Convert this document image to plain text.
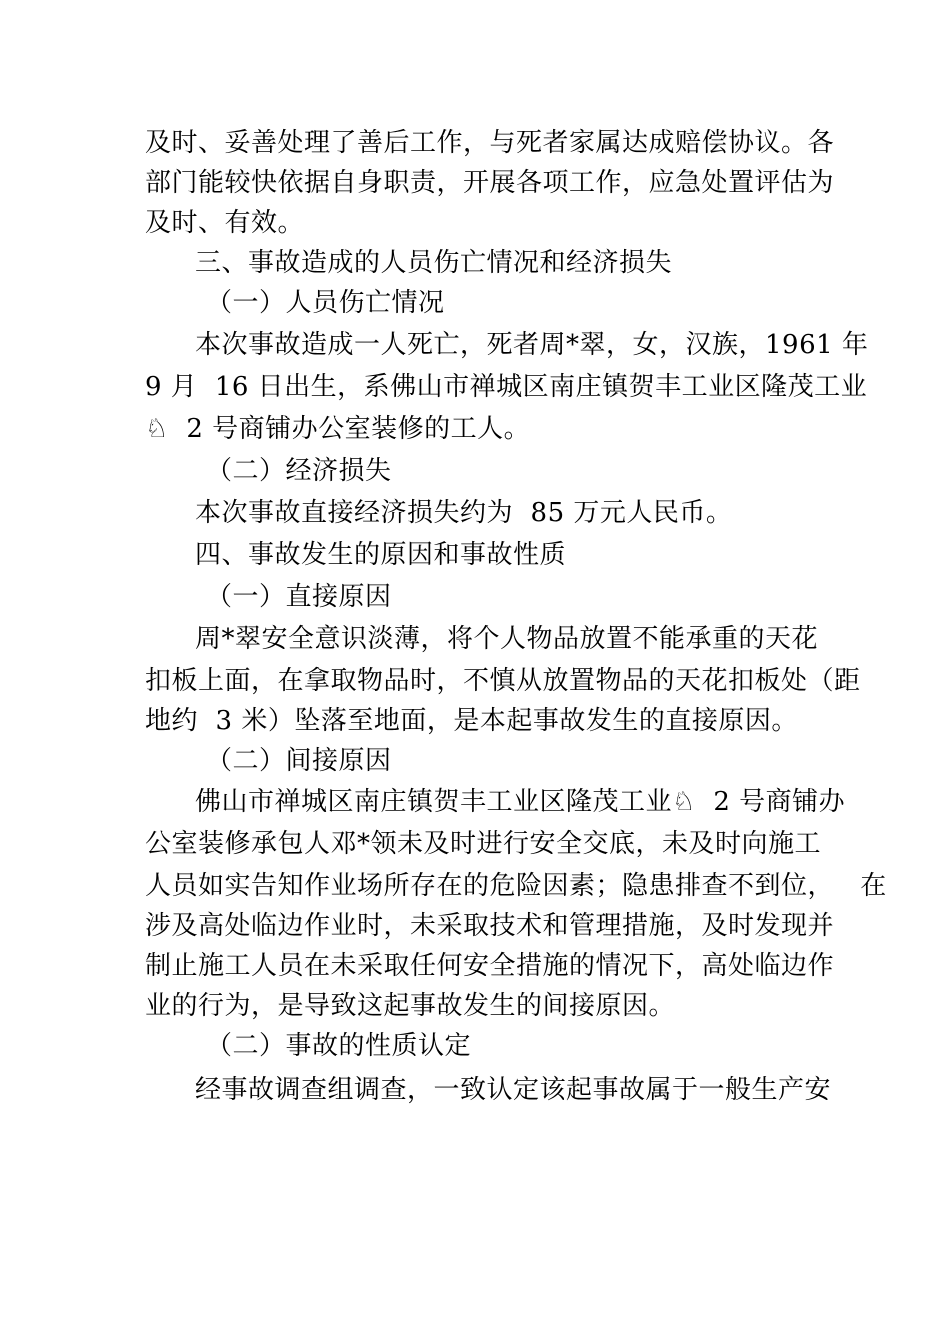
及时、妥善处理了善后工作，与死者家属达成赔偿协议。各
部门能较快依据自身职责，开展各项工作，应急处置评估为
及时、有效。
三、事故造成的人员伤亡情况和经济损失
（一）人员伤亡情况
本次事故造成一人死亡，死者周*翠，女，汉族，1961 年
9 月  16 日出生，系佛山市禅城区南庄镇贺丰工业区隆茂工业
♘  2 号商铺办公室装修的工人。
（二）经济损失
本次事故直接经济损失约为  85 万元人民币。
四、事故发生的原因和事故性质
（一）直接原因
周*翠安全意识淡薄，将个人物品放置不能承重的天花
扣板上面，在拿取物品时，不慎从放置物品的天花扣板处（距
地约  3 米）坠落至地面，是本起事故发生的直接原因。
（二）间接原因
佛山市禅城区南庄镇贺丰工业区隆茂工业♘  2 号商铺办
公室装修承包人邓*领未及时进行安全交底，未及时向施工
人员如实告知作业场所存在的危险因素；隐患排查不到位，   在
涉及高处临边作业时，未采取技术和管理措施，及时发现并
制止施工人员在未采取任何安全措施的情况下，高处临边作
业的行为，是导致这起事故发生的间接原因。
（二）事故的性质认定
经事故调查组调查，一致认定该起事故属于一般生产安
